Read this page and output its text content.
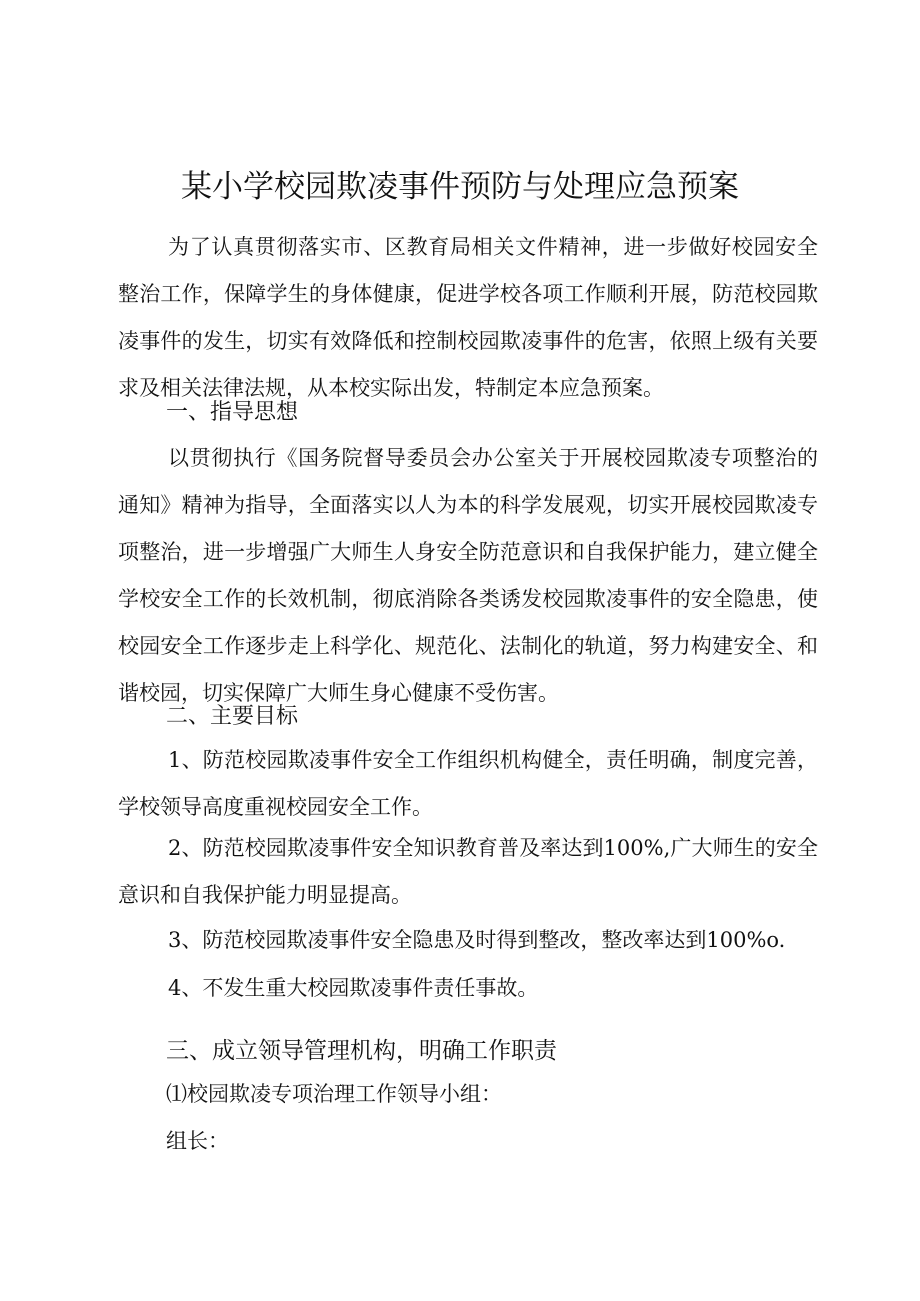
某小学校园欺凌事件预防与处理应急预案

为了认真贯彻落实市、区教育局相关文件精神，进一步做好校园安全整治工作，保障学生的身体健康，促进学校各项工作顺利开展，防范校园欺凌事件的发生，切实有效降低和控制校园欺凌事件的危害，依照上级有关要求及相关法律法规，从本校实际出发，特制定本应急预案。

一、指导思想

以贯彻执行《国务院督导委员会办公室关于开展校园欺凌专项整治的通知》精神为指导，全面落实以人为本的科学发展观，切实开展校园欺凌专项整治，进一步增强广大师生人身安全防范意识和自我保护能力，建立健全学校安全工作的长效机制，彻底消除各类诱发校园欺凌事件的安全隐患，使校园安全工作逐步走上科学化、规范化、法制化的轨道，努力构建安全、和谐校园，切实保障广大师生身心健康不受伤害。

二、主要目标

1、防范校园欺凌事件安全工作组织机构健全，责任明确，制度完善，学校领导高度重视校园安全工作。

2、防范校园欺凌事件安全知识教育普及率达到100%,广大师生的安全意识和自我保护能力明显提高。

3、防范校园欺凌事件安全隐患及时得到整改，整改率达到100%o.

4、不发生重大校园欺凌事件责任事故。

三、成立领导管理机构，明确工作职责

⑴校园欺凌专项治理工作领导小组：

组长：
